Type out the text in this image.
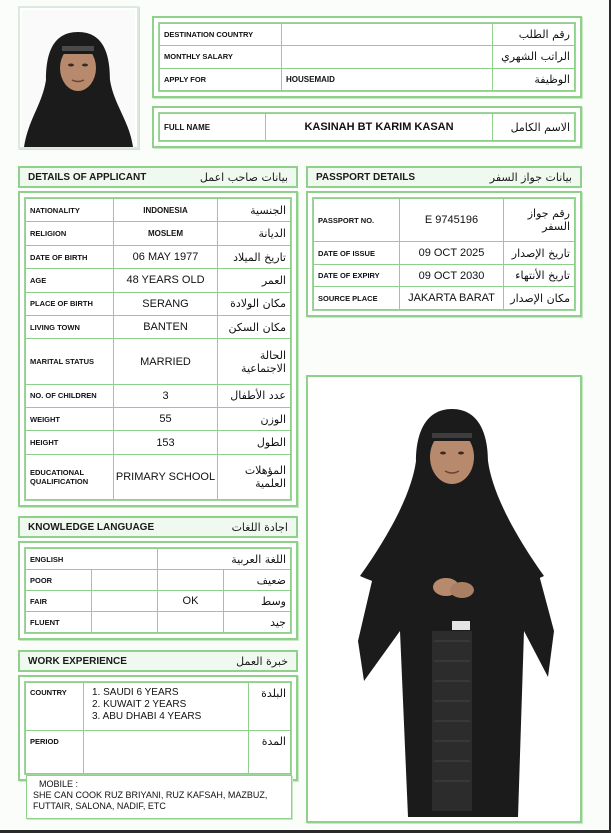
DESTINATION COUNTRY		رقم الطلب
MONTHLY SALARY		الراتب الشهري
APPLY FOR	HOUSEMAID	الوظيفة
FULL NAME	KASINAH BT KARIM KASAN	الاسم الكامل
DETAILS OF APPLICANT	بيانات صاحب اعمل
NATIONALITY	INDONESIA	الجنسية
RELIGION	MOSLEM	الديانة
DATE OF BIRTH	06 MAY 1977	تاريخ الميلاد
AGE	48 YEARS OLD	العمر
PLACE OF BIRTH	SERANG	مكان الولادة
LIVING TOWN	BANTEN	مكان السكن
MARITAL STATUS	MARRIED	الحالة الاجتماعية
NO. OF CHILDREN	3	عدد الأطفال
WEIGHT	55	الوزن
HEIGHT	153	الطول
EDUCATIONAL QUALIFICATION	PRIMARY SCHOOL	المؤهلات العلمية
PASSPORT DETAILS	بيانات جواز السفر
PASSPORT NO.	E 9745196	رقم جواز السفر
DATE OF ISSUE	09 OCT 2025	تاريخ الإصدار
DATE OF EXPIRY	09 OCT 2030	تاريخ الأنتهاء
SOURCE PLACE	JAKARTA BARAT	مكان الإصدار
KNOWLEDGE LANGUAGE	اجادة اللغات
ENGLISH		اللغة العربية	
POOR			ضعيف
FAIR		OK	وسط
FLUENT			جيد
WORK EXPERIENCE	خبرة العمل
COUNTRY	1. SAUDI 6 YEARS
2. KUWAIT 2 YEARS
3. ABU DHABI 4 YEARS	البلدة
PERIOD		المدة
MOBILE :
SHE CAN COOK RUZ BRIYANI, RUZ KAFSAH, MAZBUZ, FUTTAIR, SALONA, NADIF, ETC
